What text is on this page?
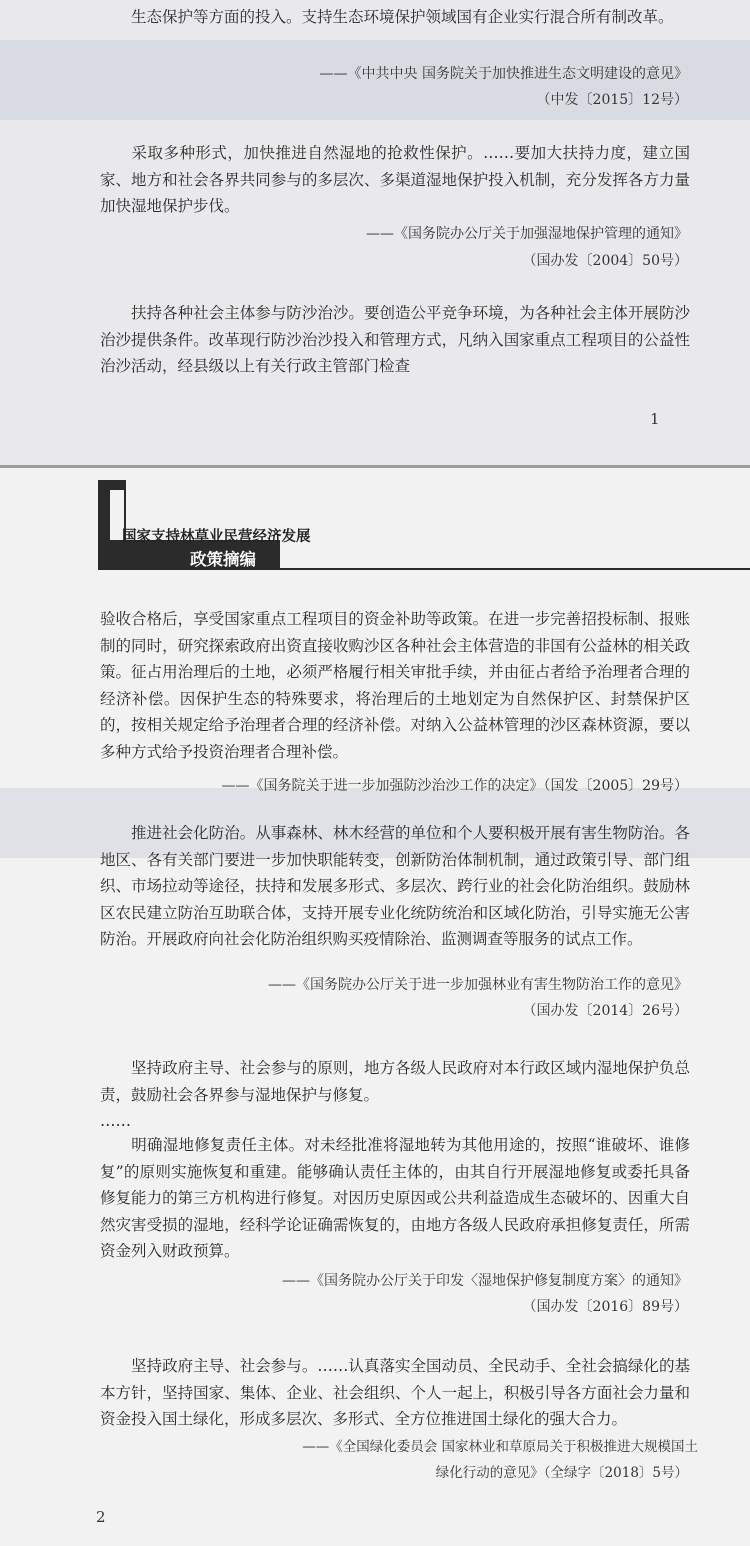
生态保护等方面的投入。支持生态环境保护领域国有企业实行混合所有制改革。

——《中共中央 国务院关于加快推进生态文明建设的意见》

（中发〔2015〕12号）

采取多种形式，加快推进自然湿地的抢救性保护。……要加大扶持力度，建立国家、地方和社会各界共同参与的多层次、多渠道湿地保护投入机制，充分发挥各方力量加快湿地保护步伐。

——《国务院办公厅关于加强湿地保护管理的通知》

（国办发〔2004〕50号）

扶持各种社会主体参与防沙治沙。要创造公平竞争环境，为各种社会主体开展防沙治沙提供条件。改革现行防沙治沙投入和管理方式，凡纳入国家重点工程项目的公益性治沙活动，经县级以上有关行政主管部门检查

1
国家支持林草业民营经济发展
政策摘编

验收合格后，享受国家重点工程项目的资金补助等政策。在进一步完善招投标制、报账制的同时，研究探索政府出资直接收购沙区各种社会主体营造的非国有公益林的相关政策。征占用治理后的土地，必须严格履行相关审批手续，并由征占者给予治理者合理的经济补偿。因保护生态的特殊要求，将治理后的土地划定为自然保护区、封禁保护区的，按相关规定给予治理者合理的经济补偿。对纳入公益林管理的沙区森林资源，要以多种方式给予投资治理者合理补偿。

——《国务院关于进一步加强防沙治沙工作的决定》（国发〔2005〕29号）

推进社会化防治。从事森林、林木经营的单位和个人要积极开展有害生物防治。各地区、各有关部门要进一步加快职能转变，创新防治体制机制，通过政策引导、部门组织、市场拉动等途径，扶持和发展多形式、多层次、跨行业的社会化防治组织。鼓励林区农民建立防治互助联合体，支持开展专业化统防统治和区域化防治，引导实施无公害防治。开展政府向社会化防治组织购买疫情除治、监测调查等服务的试点工作。

——《国务院办公厅关于进一步加强林业有害生物防治工作的意见》

（国办发〔2014〕26号）

坚持政府主导、社会参与的原则，地方各级人民政府对本行政区域内湿地保护负总责，鼓励社会各界参与湿地保护与修复。

……

明确湿地修复责任主体。对未经批准将湿地转为其他用途的，按照“谁破坏、谁修复”的原则实施恢复和重建。能够确认责任主体的，由其自行开展湿地修复或委托具备修复能力的第三方机构进行修复。对因历史原因或公共利益造成生态破坏的、因重大自然灾害受损的湿地，经科学论证确需恢复的，由地方各级人民政府承担修复责任，所需资金列入财政预算。

——《国务院办公厅关于印发〈湿地保护修复制度方案〉的通知》

（国办发〔2016〕89号）

坚持政府主导、社会参与。……认真落实全国动员、全民动手、全社会搞绿化的基本方针，坚持国家、集体、企业、社会组织、个人一起上，积极引导各方面社会力量和资金投入国土绿化，形成多层次、多形式、全方位推进国土绿化的强大合力。

——《全国绿化委员会 国家林业和草原局关于积极推进大规模国土

绿化行动的意见》（全绿字〔2018〕5号）

2
